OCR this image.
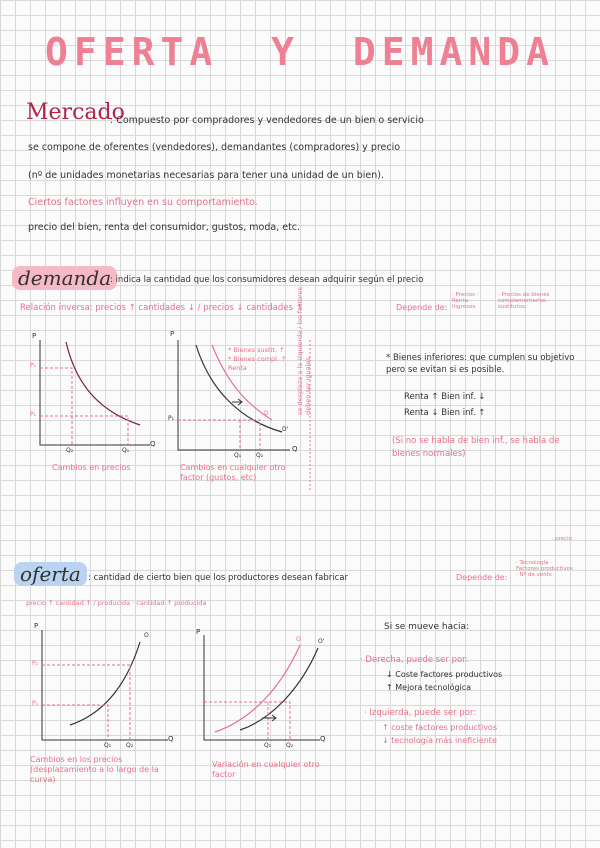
OFERTA Y DEMANDA
Mercado
: Compuesto por compradores y vendedores de un bien o servicio
se compone de oferentes (vendedores), demandantes (compradores) y precio
(nº de unidades monetarias necesarias para tener una unidad de un bien).
Ciertos factores influyen en su comportamiento.
precio del bien, renta del consumidor, gustos, moda, etc.
demanda
: indica la cantidad que los consumidores desean adquirir según el precio
Relación inversa: precios ↑ cantidades ↓ / precios ↓ cantidades ↑	Depende de:
· Precios · Renta · Ingresos
· Precios de bienes complementarios · sustitutos
P
Q
P₂
P₁
Q₂	Q₁
Cambios en precios
P
Q
D'
D
P₁
Q₁ Q₂
* Bienes sustit. ↑ * Bienes compl. ↑ Renta
Cambios en cualquier otro factor (gustos, etc)
se desplaza a la izquierda / los factores deben ser iguales	* Bienes inferiores: que cumplen su objetivo pero se evitan si es posible.
Renta ↑ Bien inf. ↓
Renta ↓ Bien inf. ↑
(Si no se habla de bien inf., se habla de bienes normales)
· precio
oferta : cantidad de cierto bien que los productores desean fabricar	Depende de:
· Tecnología · Factores productivos · Nº de vents
precio ↑ cantidad ↑ / producida · cantidad ↑ producida
P
Q
P₂
P₁
Q₁ Q₂
O
Cambios en los precios (desplazamiento a lo largo de la curva)
P
Q
O	O'
Q₁ Q₂
Variación en cualquier otro factor
Si se mueve hacia:
· Derecha, puede ser por:
↓ Coste factores productivos
↑ Mejora tecnológica
· Izquierda, puede ser por:
↑ coste factores productivos
↓ tecnología más ineficiente
